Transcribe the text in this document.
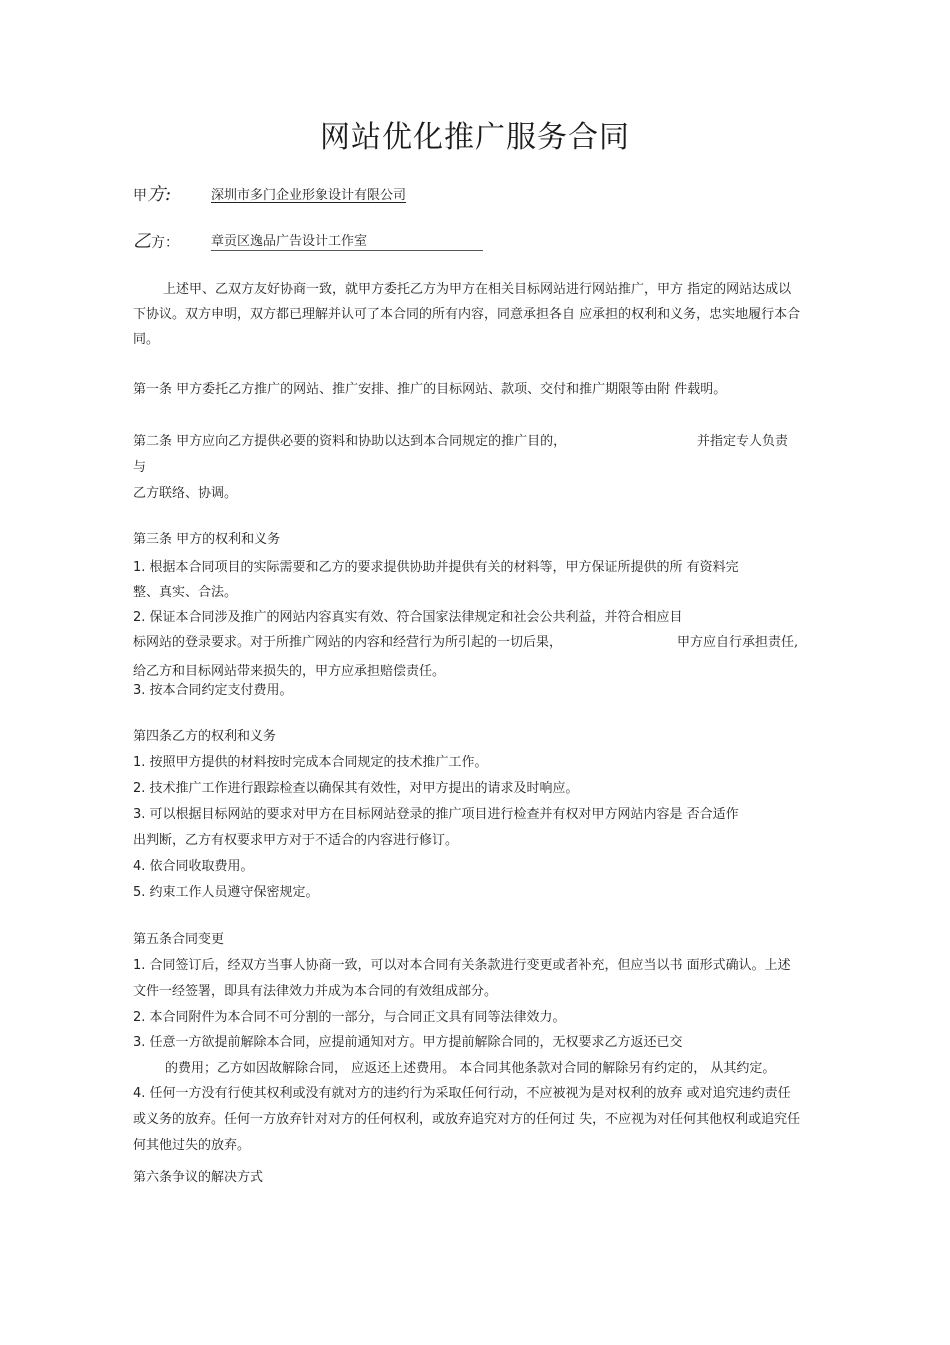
网站优化推广服务合同
甲方:	深圳市多门企业形象设计有限公司
乙方： 章贡区逸品广告设计工作室
上述甲、乙双方友好协商一致，就甲方委托乙方为甲方在相关目标网站进行网站推广，甲方 指定的网站达成以
下协议。双方申明，双方都已理解并认可了本合同的所有内容，同意承担各自 应承担的权利和义务，忠实地履行本合
同。
第一条 甲方委托乙方推广的网站、推广安排、推广的目标网站、款项、交付和推广期限等由附 件载明。
第二条 甲方应向乙方提供必要的资料和协助以达到本合同规定的推广目的，	并指定专人负责
与
乙方联络、协调。
第三条 甲方的权利和义务
1. 根据本合同项目的实际需要和乙方的要求提供协助并提供有关的材料等，甲方保证所提供的所 有资料完
整、真实、合法。
2. 保证本合同涉及推广的网站内容真实有效、符合国家法律规定和社会公共利益，并符合相应目
标网站的登录要求。对于所推广网站的内容和经营行为所引起的一切后果，	甲方应自行承担责任,
给乙方和目标网站带来损失的，甲方应承担赔偿责任。
3. 按本合同约定支付费用。
第四条乙方的权利和义务
1. 按照甲方提供的材料按时完成本合同规定的技术推广工作。
2. 技术推广工作进行跟踪检查以确保其有效性，对甲方提出的请求及时响应。
3. 可以根据目标网站的要求对甲方在目标网站登录的推广项目进行检查并有权对甲方网站内容是 否合适作
出判断，乙方有权要求甲方对于不适合的内容进行修订。
4. 依合同收取费用。
5. 约束工作人员遵守保密规定。
第五条合同变更
1. 合同签订后，经双方当事人协商一致，可以对本合同有关条款进行变更或者补充，但应当以书 面形式确认。上述
文件一经签署，即具有法律效力并成为本合同的有效组成部分。
2. 本合同附件为本合同不可分割的一部分，与合同正文具有同等法律效力。
3. 任意一方欲提前解除本合同，应提前通知对方。甲方提前解除合同的，无权要求乙方返还已交
的费用；乙方如因故解除合同， 应返还上述费用。 本合同其他条款对合同的解除另有约定的， 从其约定。
4. 任何一方没有行使其权利或没有就对方的违约行为采取任何行动，不应被视为是对权利的放弃 或对追究违约责任
或义务的放弃。任何一方放弃针对对方的任何权利，或放弃追究对方的任何过 失，不应视为对任何其他权利或追究任
何其他过失的放弃。
第六条争议的解决方式
